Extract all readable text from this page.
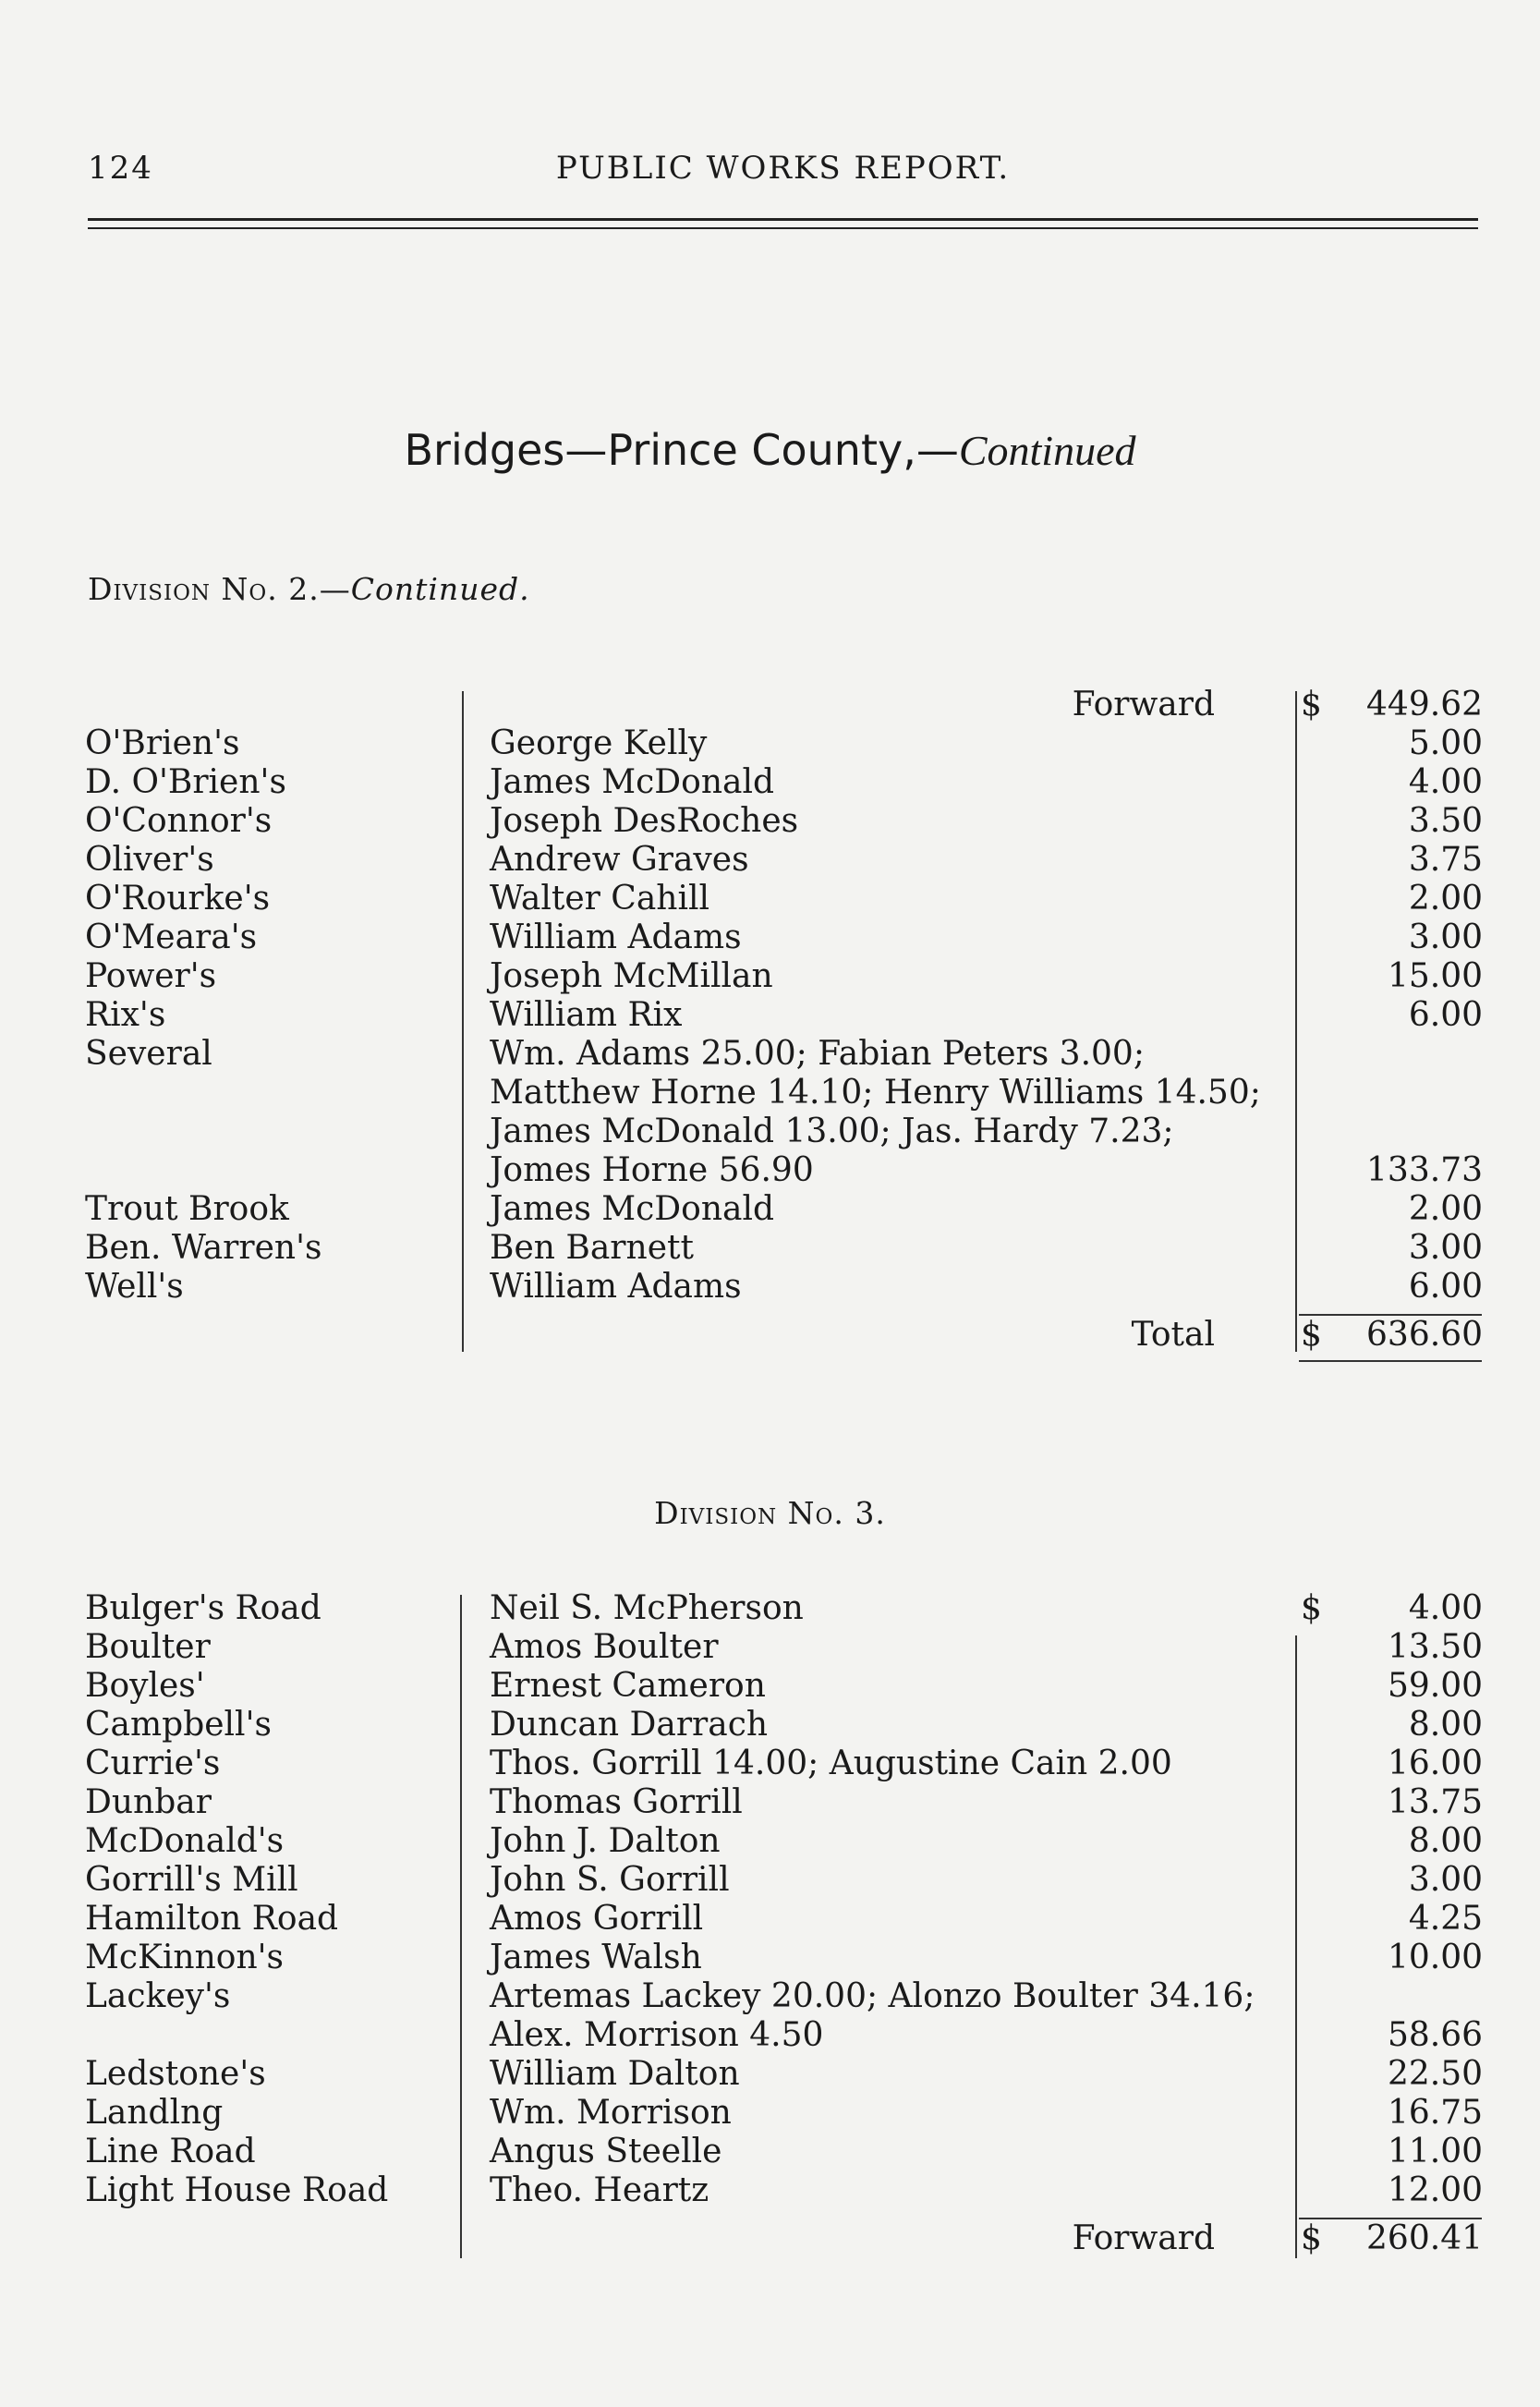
124	PUBLIC WORKS REPORT.
Bridges—Prince County,—Continued
Division No. 2.—Continued.
Forward	$ 449.62
O'Brien's	George Kelly	5.00
D. O'Brien's	James McDonald	4.00
O'Connor's	Joseph DesRoches	3.50
Oliver's	Andrew Graves	3.75
O'Rourke's	Walter Cahill	2.00
O'Meara's	William Adams	3.00
Power's	Joseph McMillan	15.00
Rix's	William Rix	6.00
Several	Wm. Adams 25.00; Fabian Peters 3.00;
Matthew Horne 14.10; Henry Williams 14.50;
James McDonald 13.00; Jas. Hardy 7.23;
Jomes Horne 56.90	133.73
Trout Brook	James McDonald	2.00
Ben. Warren's	Ben Barnett	3.00
Well's	William Adams	6.00
Total	$ 636.60
Division No. 3.
Bulger's Road	Neil S. McPherson	$	4.00
Boulter	Amos Boulter	13.50
Boyles'	Ernest Cameron	59.00
Campbell's	Duncan Darrach	8.00
Currie's	Thos. Gorrill 14.00; Augustine Cain 2.00	16.00
Dunbar	Thomas Gorrill	13.75
McDonald's	John J. Dalton	8.00
Gorrill's Mill	John S. Gorrill	3.00
Hamilton Road	Amos Gorrill	4.25
McKinnon's	James Walsh	10.00
Lackey's	Artemas Lackey 20.00; Alonzo Boulter 34.16;
Alex. Morrison 4.50	58.66
Ledstone's	William Dalton	22.50
Landlng	Wm. Morrison	16.75
Line Road	Angus Steelle	11.00
Light House Road	Theo. Heartz	12.00
Forward	$ 260.41
